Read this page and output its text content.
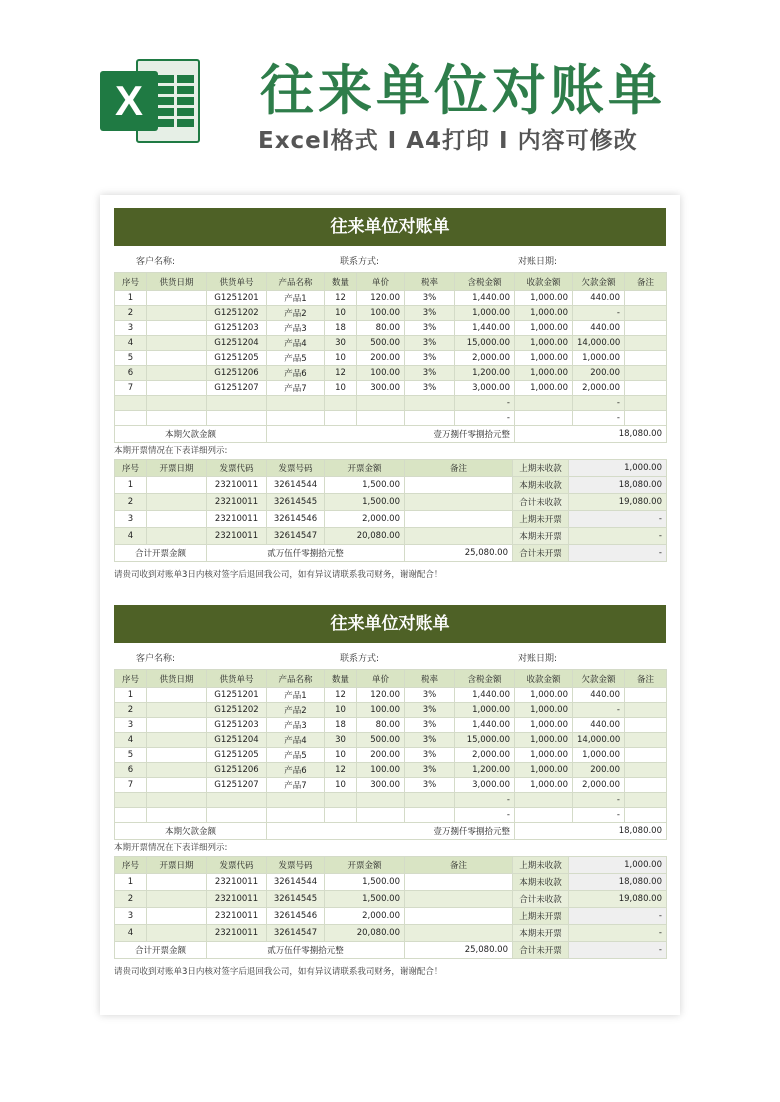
X 往来单位对账单
Excel格式 I A4打印 I 内容可修改
往来单位对账单
客户名称:	联系方式:	对账日期:
序号	供货日期	供货单号	产品名称	数量	单价	税率	含税金额	收款金额	欠款金额	备注
1		G1251201	产品1	12	120.00	3%	1,440.00	1,000.00	440.00	
2		G1251202	产品2	10	100.00	3%	1,000.00	1,000.00	-	
3		G1251203	产品3	18	80.00	3%	1,440.00	1,000.00	440.00	
4		G1251204	产品4	30	500.00	3%	15,000.00	1,000.00	14,000.00	
5		G1251205	产品5	10	200.00	3%	2,000.00	1,000.00	1,000.00	
6		G1251206	产品6	12	100.00	3%	1,200.00	1,000.00	200.00	
7		G1251207	产品7	10	300.00	3%	3,000.00	1,000.00	2,000.00	
							-		-	
							-		-	
本期欠款金额			壹万捌仟零捌拾元整					18,080.00		
本期开票情况在下表详细列示:
序号	开票日期	发票代码	发票号码	开票金额	备注	上期未收款	1,000.00
1		23210011	32614544	1,500.00		本期未收款	18,080.00
2		23210011	32614545	1,500.00		合计未收款	19,080.00
3		23210011	32614546	2,000.00		上期未开票	-
4		23210011	32614547	20,080.00		本期未开票	-
合计开票金额		贰万伍仟零捌拾元整			25,080.00	合计未开票	-
请贵司收到对账单3日内核对签字后退回我公司，如有异议请联系我司财务，谢谢配合！
往来单位对账单
客户名称:	联系方式:	对账日期:
序号	供货日期	供货单号	产品名称	数量	单价	税率	含税金额	收款金额	欠款金额	备注
1		G1251201	产品1	12	120.00	3%	1,440.00	1,000.00	440.00	
2		G1251202	产品2	10	100.00	3%	1,000.00	1,000.00	-	
3		G1251203	产品3	18	80.00	3%	1,440.00	1,000.00	440.00	
4		G1251204	产品4	30	500.00	3%	15,000.00	1,000.00	14,000.00	
5		G1251205	产品5	10	200.00	3%	2,000.00	1,000.00	1,000.00	
6		G1251206	产品6	12	100.00	3%	1,200.00	1,000.00	200.00	
7		G1251207	产品7	10	300.00	3%	3,000.00	1,000.00	2,000.00	
							-		-	
							-		-	
本期欠款金额			壹万捌仟零捌拾元整					18,080.00		
本期开票情况在下表详细列示:
序号	开票日期	发票代码	发票号码	开票金额	备注	上期未收款	1,000.00
1		23210011	32614544	1,500.00		本期未收款	18,080.00
2		23210011	32614545	1,500.00		合计未收款	19,080.00
3		23210011	32614546	2,000.00		上期未开票	-
4		23210011	32614547	20,080.00		本期未开票	-
合计开票金额		贰万伍仟零捌拾元整			25,080.00	合计未开票	-
请贵司收到对账单3日内核对签字后退回我公司，如有异议请联系我司财务，谢谢配合！
